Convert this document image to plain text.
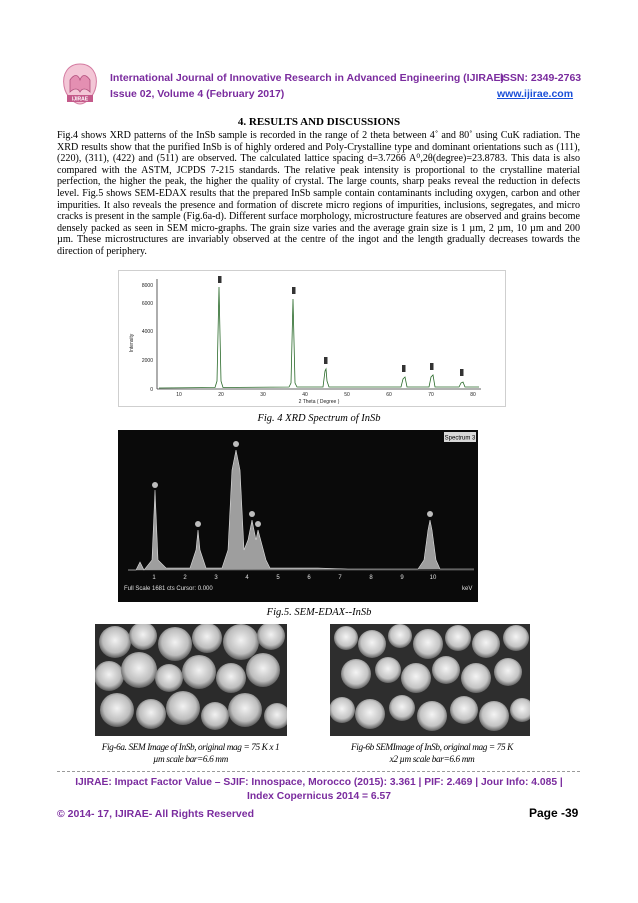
IJIRAE
International Journal of Innovative Research in Advanced Engineering (IJIRAE)
Issue 02, Volume 4 (February 2017)
ISSN: 2349-2763
www.ijirae.com
4. RESULTS AND DISCUSSIONS

Fig.4 shows XRD patterns of the InSb sample is recorded in the range of 2 theta between 4˚ and 80˚ using CuK radiation. The XRD results show that the purified InSb is of highly ordered and Poly-Crystalline type and dominant orientations such as (111), (220), (311), (422) and (511) are observed. The calculated lattice spacing d=3.7266 A⁰,2θ(degree)=23.8783. This data is also compared with the ASTM, JCPDS 7-215 standards. The relative peak intensity is proportional to the crystalline material perfection, the higher the peak, the higher the quality of crystal. The large counts, sharp peaks reveal the reduction in defects level. Fig.5 shows SEM-EDAX results that the prepared InSb sample contain contaminants including oxygen, carbon and other impurities. It also reveals the presence and formation of discrete micro regions of impurities, inclusions, segregates, and micro cracks is present in the sample (Fig.6a-d). Different surface morphology, microstructure features are observed and grains become densely packed as seen in SEM micro-graphs. The grain size varies and the average grain size is 1 µm, 2 µm, 10 µm and 200 µm. These microstructures are invariably observed at the centre of the ingot and the length gradually decreases towards the direction of periphery.

Intensity
0
2000
4000
6000
8000
10	20	30	40	50	60	70	80
2 Theta ( Degree )
Fig. 4 XRD Spectrum of InSb
Spectrum 3
1	2	3	4	5	6	7	8	9	10
Full Scale 1681 cts Cursor: 0.000	keV
Fig.5. SEM-EDAX--InSb
Fig-6a. SEM Image of InSb, original mag = 75 K x 1
µm scale bar=6.6 mm
Fig-6b SEMImage of InSb, original mag = 75 K
x2 µm scale bar=6.6 mm
IJIRAE: Impact Factor Value – SJIF: Innospace, Morocco (2015): 3.361 | PIF: 2.469 | Jour Info: 4.085 |
Index Copernicus 2014 = 6.57
© 2014- 17, IJIRAE- All Rights Reserved	Page -39
